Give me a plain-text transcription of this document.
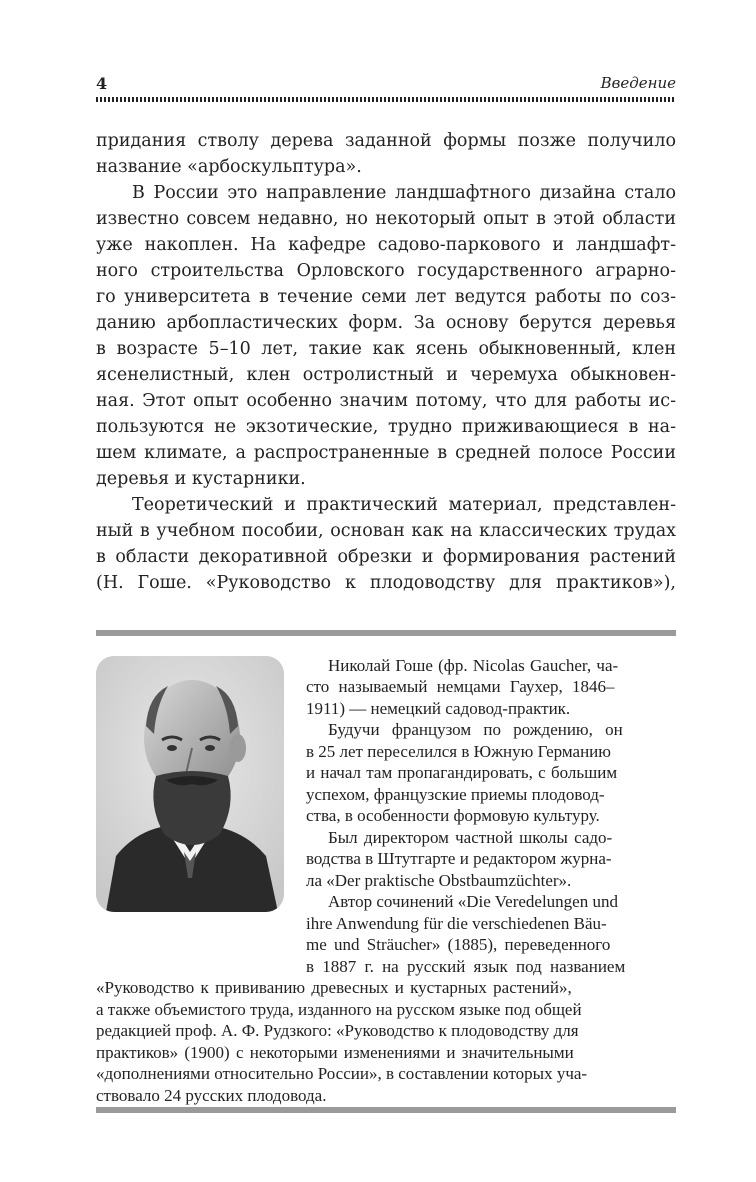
4	Введение
придания стволу дерева заданной формы позже получило
название «арбоскульптура».
В России это направление ландшафтного дизайна стало
известно совсем недавно, но некоторый опыт в этой области
уже накоплен. На кафедре садово-паркового и ландшафт-
ного строительства Орловского государственного аграрно-
го университета в течение семи лет ведутся работы по соз-
данию арбопластических форм. За основу берутся деревья
в возрасте 5–10 лет, такие как ясень обыкновенный, клен
ясенелистный, клен остролистный и черемуха обыкновен-
ная. Этот опыт особенно значим потому, что для работы ис-
пользуются не экзотические, трудно приживающиеся в на-
шем климате, а распространенные в средней полосе России
деревья и кустарники.
Теоретический и практический материал, представлен-
ный в учебном пособии, основан как на классических трудах
в области декоративной обрезки и формирования растений
(Н. Гоше. «Руководство к плодоводству для практиков»),
Николай Гоше (фр. Nicolas Gaucher, ча-
сто называемый немцами Гаухер, 1846–
1911) — немецкий садовод-практик.
Будучи французом по рождению, он
в 25 лет переселился в Южную Германию
и начал там пропагандировать, с большим
успехом, французские приемы плодовод-
ства, в особенности формовую культуру.
Был директором частной школы садо-
водства в Штутгарте и редактором журна-
ла «Der praktische Obstbaumzüchter».
Автор сочинений «Die Veredelungen und
ihre Anwendung für die verschiedenen Bäu-
me und Sträucher» (1885), переведенного
в 1887 г. на русский язык под названием
«Руководство к прививанию древесных и кустарных растений»,
а также объемистого труда, изданного на русском языке под общей
редакцией проф. А. Ф. Рудзкого: «Руководство к плодоводству для
практиков» (1900) с некоторыми изменениями и значительными
«дополнениями относительно России», в составлении которых уча-
ствовало 24 русских плодовода.
